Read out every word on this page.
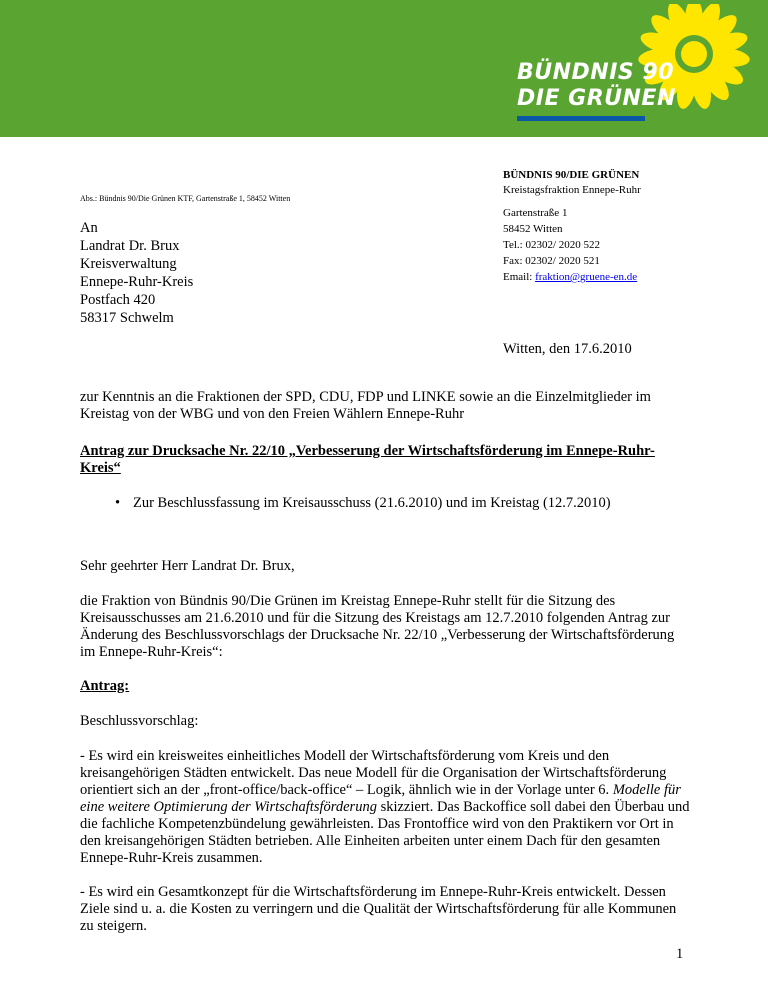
BÜNDNIS 90
DIE GRÜNEN
BÜNDNIS 90/DIE GRÜNEN
Kreistagsfraktion Ennepe-Ruhr
Abs.: Bündnis 90/Die Grünen KTF, Gartenstraße 1, 58452 Witten
Gartenstraße 1
58452 Witten
Tel.: 02302/ 2020 522
Fax: 02302/ 2020 521
Email: fraktion@gruene-en.de
An
Landrat Dr. Brux
Kreisverwaltung
Ennepe-Ruhr-Kreis
Postfach 420
58317 Schwelm
Witten, den 17.6.2010

zur Kenntnis an die Fraktionen der SPD, CDU, FDP und LINKE sowie an die Einzelmitglieder im Kreistag von der WBG und von den Freien Wählern Ennepe-Ruhr

Antrag zur Drucksache Nr. 22/10 „Verbesserung der Wirtschaftsförderung im Ennepe-Ruhr-Kreis“

• Zur Beschlussfassung im Kreisausschuss (21.6.2010) und im Kreistag (12.7.2010)

Sehr geehrter Herr Landrat Dr. Brux,

die Fraktion von Bündnis 90/Die Grünen im Kreistag Ennepe-Ruhr stellt für die Sitzung des Kreisausschusses am 21.6.2010 und für die Sitzung des Kreistags am 12.7.2010 folgenden Antrag zur Änderung des Beschlussvorschlags der Drucksache Nr. 22/10 „Verbesserung der Wirtschaftsförderung im Ennepe-Ruhr-Kreis“:

Antrag:

Beschlussvorschlag:

- Es wird ein kreisweites einheitliches Modell der Wirtschaftsförderung vom Kreis und den kreisangehörigen Städten entwickelt. Das neue Modell für die Organisation der Wirtschaftsförderung orientiert sich an der „front-office/back-office“ – Logik, ähnlich wie in der Vorlage unter 6. Modelle für eine weitere Optimierung der Wirtschaftsförderung skizziert. Das Backoffice soll dabei den Überbau und die fachliche Kompetenzbündelung gewährleisten. Das Frontoffice wird von den Praktikern vor Ort in den kreisangehörigen Städten betrieben. Alle Einheiten arbeiten unter einem Dach für den gesamten Ennepe-Ruhr-Kreis zusammen.

- Es wird ein Gesamtkonzept für die Wirtschaftsförderung im Ennepe-Ruhr-Kreis entwickelt. Dessen Ziele sind u. a. die Kosten zu verringern und die Qualität der Wirtschaftsförderung für alle Kommunen zu steigern.

1
